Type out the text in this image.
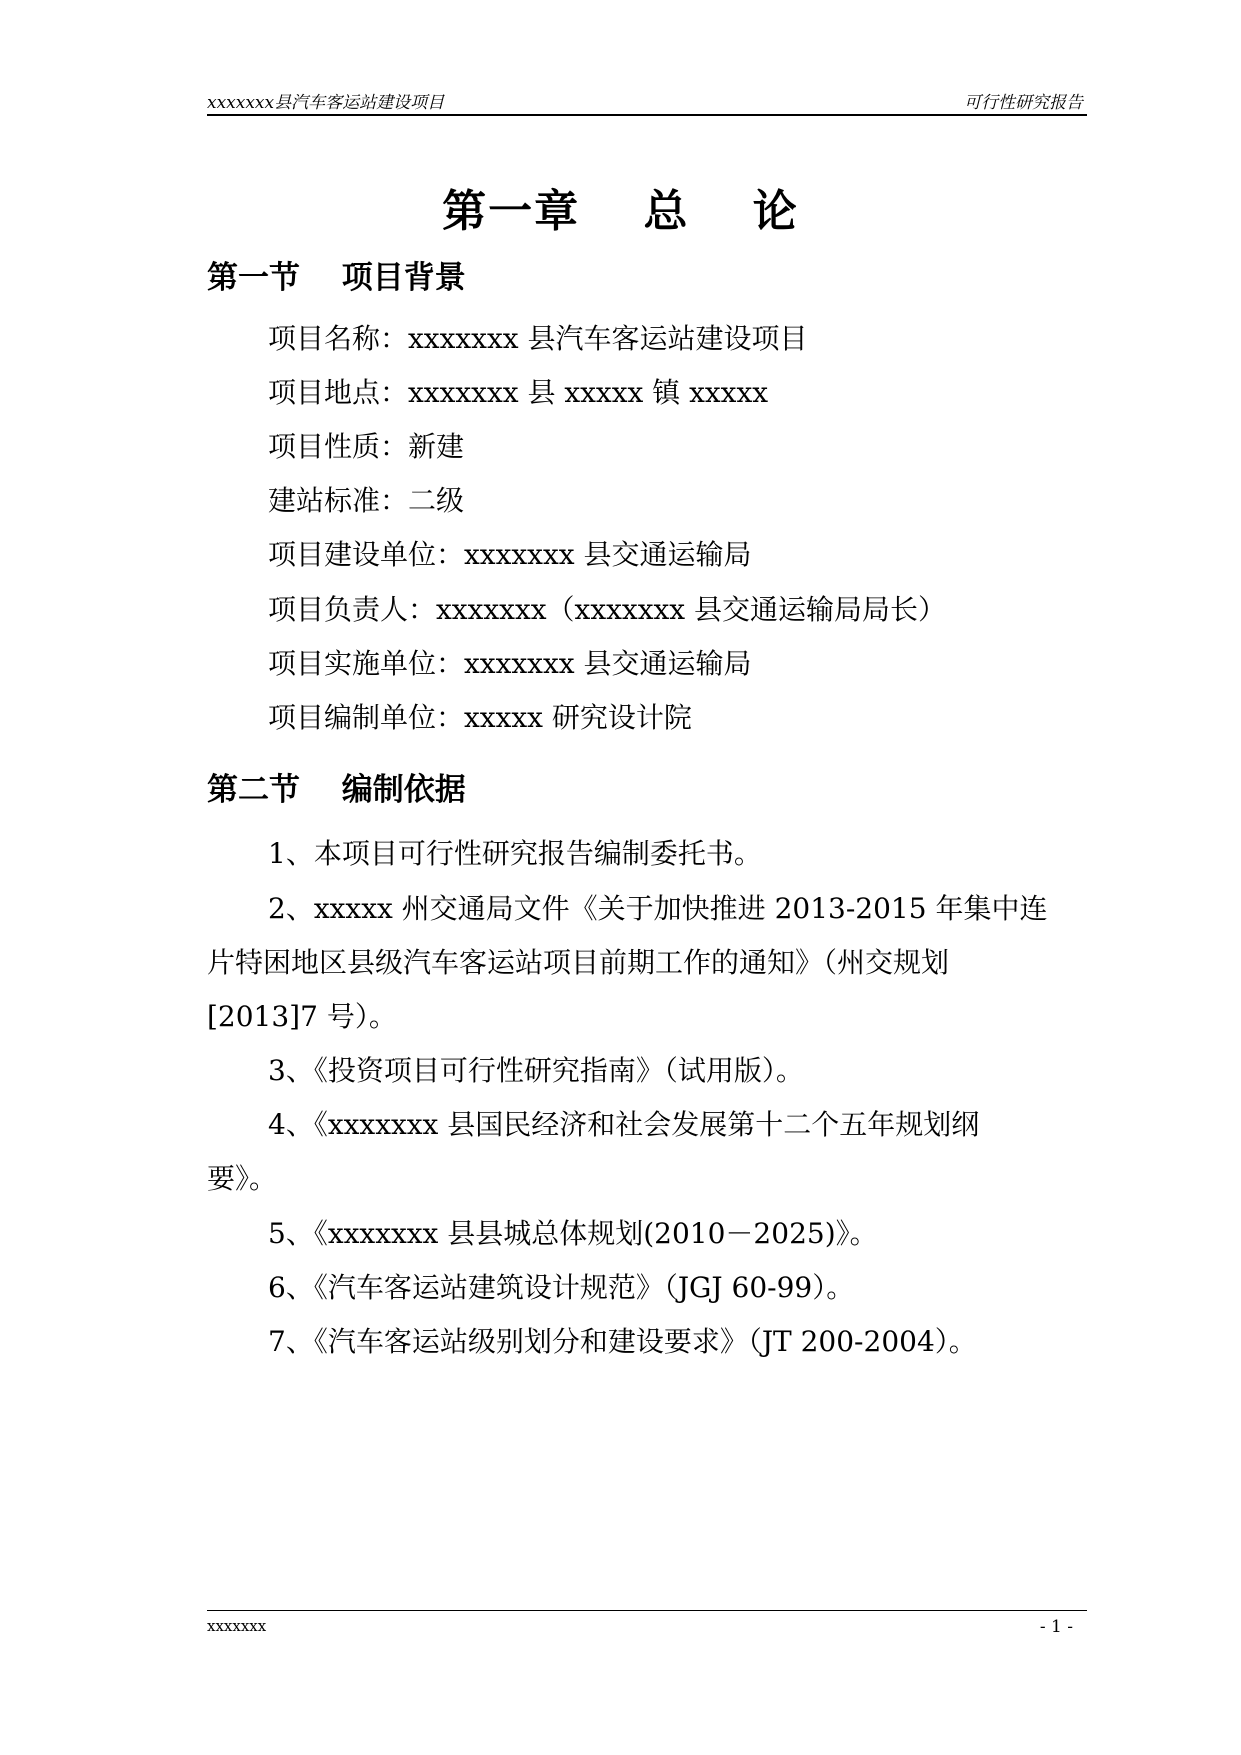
xxxxxxx县汽车客运站建设项目	可行性研究报告
第一章　 总　 论
第一节　 项目背景
项目名称：xxxxxxx 县汽车客运站建设项目
项目地点：xxxxxxx 县 xxxxx 镇 xxxxx
项目性质：新建
建站标准：二级
项目建设单位：xxxxxxx 县交通运输局
项目负责人：xxxxxxx（xxxxxxx 县交通运输局局长）
项目实施单位：xxxxxxx 县交通运输局
项目编制单位：xxxxx 研究设计院
第二节　 编制依据
1、本项目可行性研究报告编制委托书。
2、xxxxx 州交通局文件《关于加快推进 2013-2015 年集中连
片特困地区县级汽车客运站项目前期工作的通知》（州交规划
[2013]7 号）。
3、《投资项目可行性研究指南》（试用版）。
4、《xxxxxxx 县国民经济和社会发展第十二个五年规划纲
要》。
5、《xxxxxxx 县县城总体规划(2010－2025)》。
6、《汽车客运站建筑设计规范》（JGJ 60-99）。
7、《汽车客运站级别划分和建设要求》（JT 200-2004）。
xxxxxxx	- 1 -
